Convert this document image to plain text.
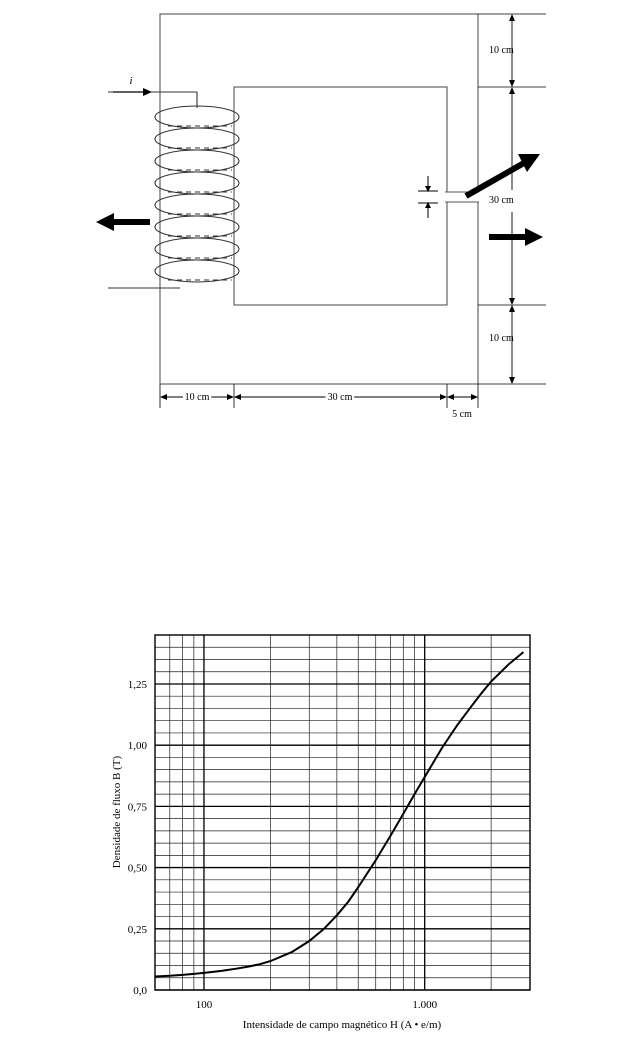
i
10 cm
30 cm
10 cm
10 cm	30 cm
5 cm
Densidade de fluxo B (T)
Intensidade de campo magnético H (A • e/m)
0,0
0,25
0,50
0,75
1,00
1,25
100	1.000
